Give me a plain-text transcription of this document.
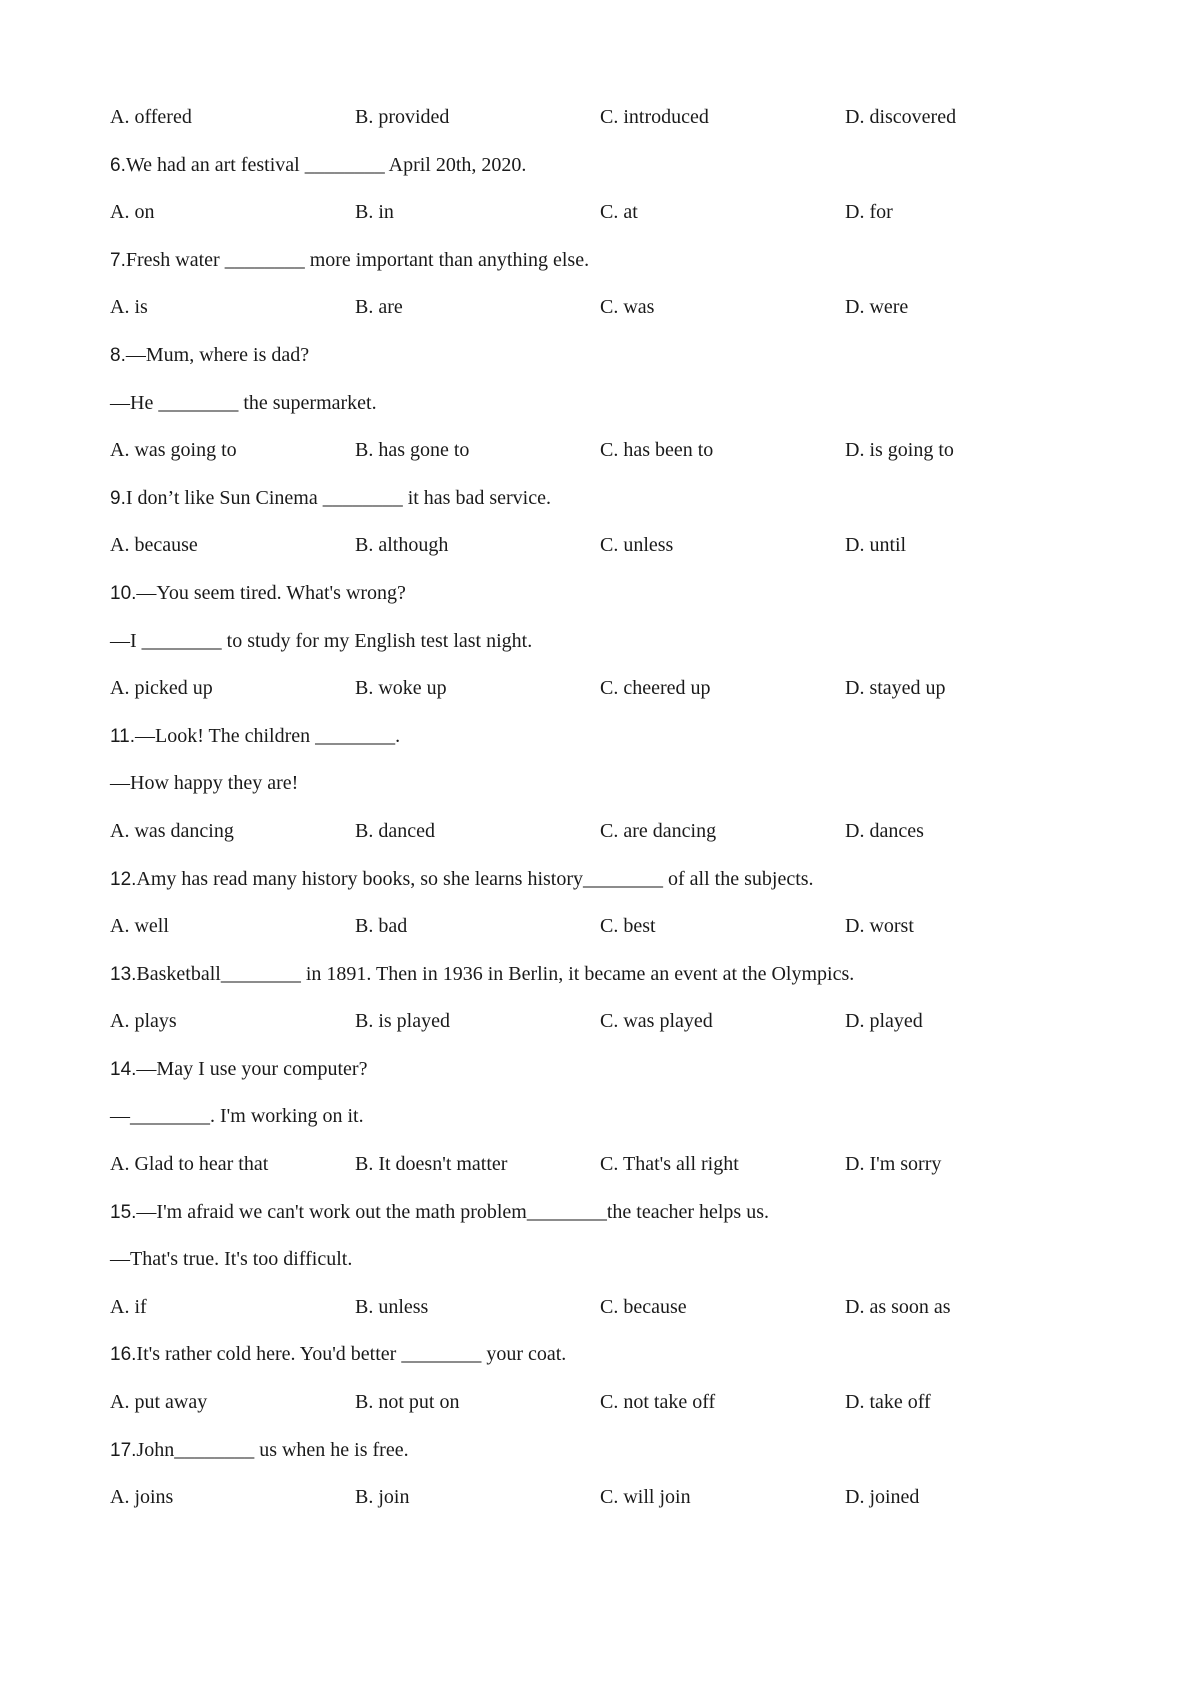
A. offered	B. provided	C. introduced	D. discovered
6.We had an art festival ________ April 20th, 2020.
A. on	B. in	C. at	D. for
7.Fresh water ________ more important than anything else.
A. is	B. are	C. was	D. were
8.—Mum, where is dad?
—He ________ the supermarket.
A. was going to	B. has gone to	C. has been to	D. is going to
9.I don’t like Sun Cinema ________ it has bad service.
A. because	B. although	C. unless	D. until
10.—You seem tired. What's wrong?
—I ________ to study for my English test last night.
A. picked up	B. woke up	C. cheered up	D. stayed up
11.—Look! The children ________.
—How happy they are!
A. was dancing	B. danced	C. are dancing	D. dances
12.Amy has read many history books, so she learns history________ of all the subjects.
A. well	B. bad	C. best	D. worst
13.Basketball________ in 1891. Then in 1936 in Berlin, it became an event at the Olympics.
A. plays	B. is played	C. was played	D. played
14.—May I use your computer?
—________. I'm working on it.
A. Glad to hear that	B. It doesn't matter	C. That's all right	D. I'm sorry
15.—I'm afraid we can't work out the math problem________the teacher helps us.
—That's true. It's too difficult.
A. if	B. unless	C. because	D. as soon as
16.It's rather cold here. You'd better ________ your coat.
A. put away	B. not put on	C. not take off	D. take off
17.John________ us when he is free.
A. joins	B. join	C. will join	D. joined
